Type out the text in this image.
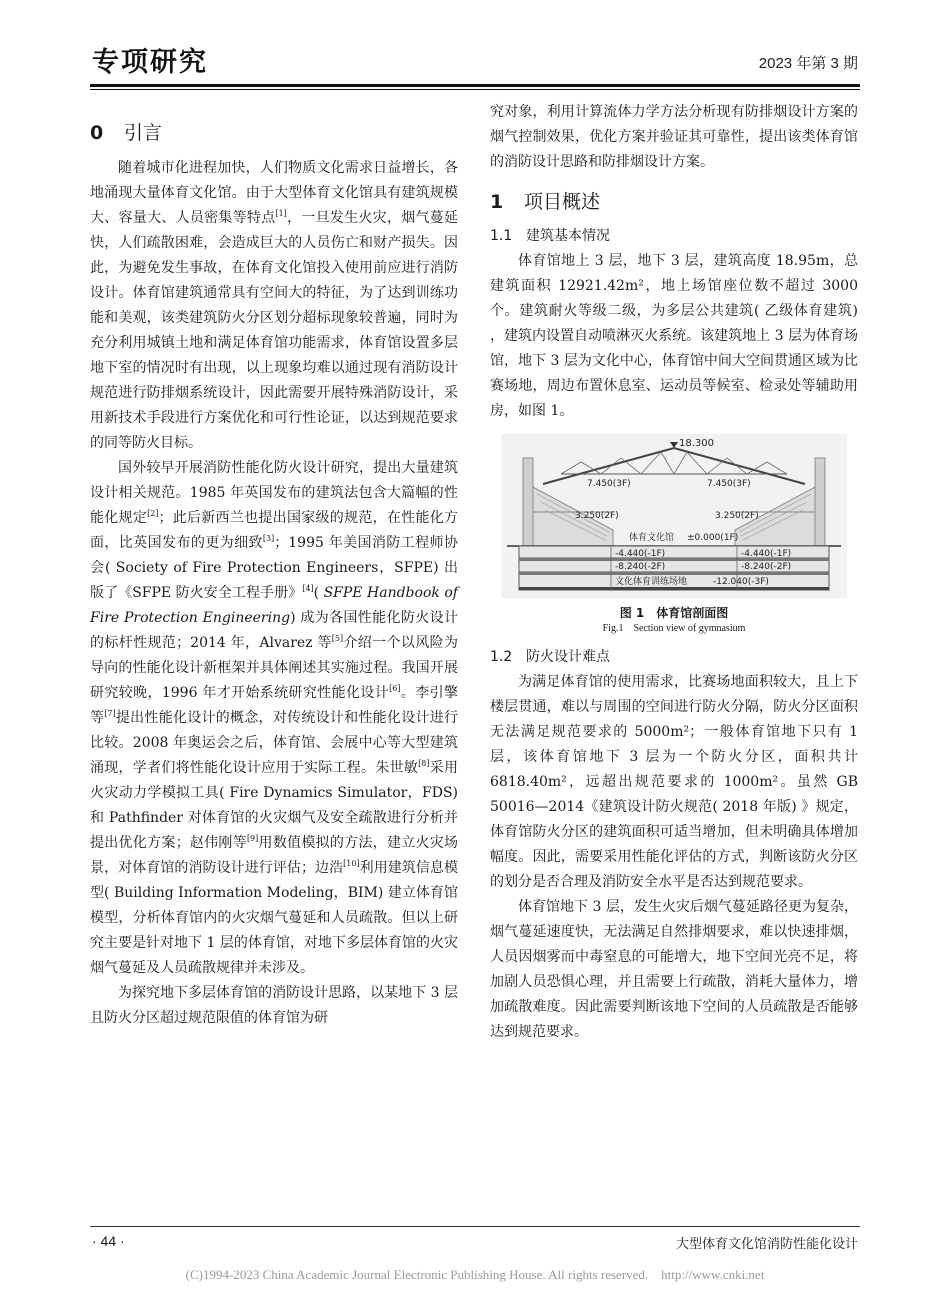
专项研究	2023 年第 3 期
0 引言

随着城市化进程加快，人们物质文化需求日益增长，各地涌现大量体育文化馆。由于大型体育文化馆具有建筑规模大、容量大、人员密集等特点[1]，一旦发生火灾，烟气蔓延快，人们疏散困难，会造成巨大的人员伤亡和财产损失。因此，为避免发生事故，在体育文化馆投入使用前应进行消防设计。体育馆建筑通常具有空间大的特征，为了达到训练功能和美观，该类建筑防火分区划分超标现象较普遍，同时为充分利用城镇土地和满足体育馆功能需求，体育馆设置多层地下室的情况时有出现，以上现象均难以通过现有消防设计规范进行防排烟系统设计，因此需要开展特殊消防设计，采用新技术手段进行方案优化和可行性论证，以达到规范要求的同等防火目标。

国外较早开展消防性能化防火设计研究，提出大量建筑设计相关规范。1985 年英国发布的建筑法包含大篇幅的性能化规定[2]；此后新西兰也提出国家级的规范，在性能化方面，比英国发布的更为细致[3]；1995 年美国消防工程师协会( Society of Fire Protection Engineers，SFPE) 出版了《SFPE 防火安全工程手册》[4]( SFPE Handbook of Fire Protection Engineering) 成为各国性能化防火设计的标杆性规范；2014 年，Alvarez 等[5]介绍一个以风险为导向的性能化设计新框架并具体阐述其实施过程。我国开展研究较晚，1996 年才开始系统研究性能化设计[6]。李引擎等[7]提出性能化设计的概念，对传统设计和性能化设计进行比较。2008 年奥运会之后，体育馆、会展中心等大型建筑涌现，学者们将性能化设计应用于实际工程。朱世敏[8]采用火灾动力学模拟工具( Fire Dynamics Simulator，FDS) 和 Pathfinder 对体育馆的火灾烟气及安全疏散进行分析并提出优化方案；赵伟刚等[9]用数值模拟的方法，建立火灾场景，对体育馆的消防设计进行评估；边浩[10]利用建筑信息模型( Building Information Modeling，BIM) 建立体育馆模型，分析体育馆内的火灾烟气蔓延和人员疏散。但以上研究主要是针对地下 1 层的体育馆，对地下多层体育馆的火灾烟气蔓延及人员疏散规律并未涉及。

为探究地下多层体育馆的消防设计思路，以某地下 3 层且防火分区超过规范限值的体育馆为研

究对象，利用计算流体力学方法分析现有防排烟设计方案的烟气控制效果，优化方案并验证其可靠性，提出该类体育馆的消防设计思路和防排烟设计方案。

1 项目概述
1.1 建筑基本情况

体育馆地上 3 层，地下 3 层，建筑高度 18.95m，总建筑面积 12921.42m²，地上场馆座位数不超过 3000 个。建筑耐火等级二级，为多层公共建筑( 乙级体育建筑) ，建筑内设置自动喷淋灭火系统。该建筑地上 3 层为体育场馆，地下 3 层为文化中心，体育馆中间大空间贯通区域为比赛场地，周边布置休息室、运动员等候室、检录处等辅助用房，如图 1。

18.300
7.450(3F)	7.450(3F)
3.250(2F)	3.250(2F)
体育文化馆 ±0.000(1F)
-4.440(-1F)	-4.440(-1F)
-8.240(-2F)	-8.240(-2F)
文化体育训练场地	-12.040(-3F)
图 1　体育馆剖面图
Fig.1　Section view of gymnasium
1.2 防火设计难点

为满足体育馆的使用需求，比赛场地面积较大，且上下楼层贯通，难以与周围的空间进行防火分隔，防火分区面积无法满足规范要求的 5000m²；一般体育馆地下只有 1 层，该体育馆地下 3 层为一个防火分区，面积共计 6818.40m²，远超出规范要求的 1000m²。虽然 GB 50016—2014《建筑设计防火规范( 2018 年版) 》规定，体育馆防火分区的建筑面积可适当增加，但未明确具体增加幅度。因此，需要采用性能化评估的方式，判断该防火分区的划分是否合理及消防安全水平是否达到规范要求。

体育馆地下 3 层，发生火灾后烟气蔓延路径更为复杂，烟气蔓延速度快，无法满足自然排烟要求，难以快速排烟，人员因烟雾而中毒窒息的可能增大，地下空间光亮不足，将加剧人员恐惧心理，并且需要上行疏散，消耗大量体力，增加疏散难度。因此需要判断该地下空间的人员疏散是否能够达到规范要求。

· 44 ·	大型体育文化馆消防性能化设计
(C)1994-2023 China Academic Journal Electronic Publishing House. All rights reserved.　http://www.cnki.net
